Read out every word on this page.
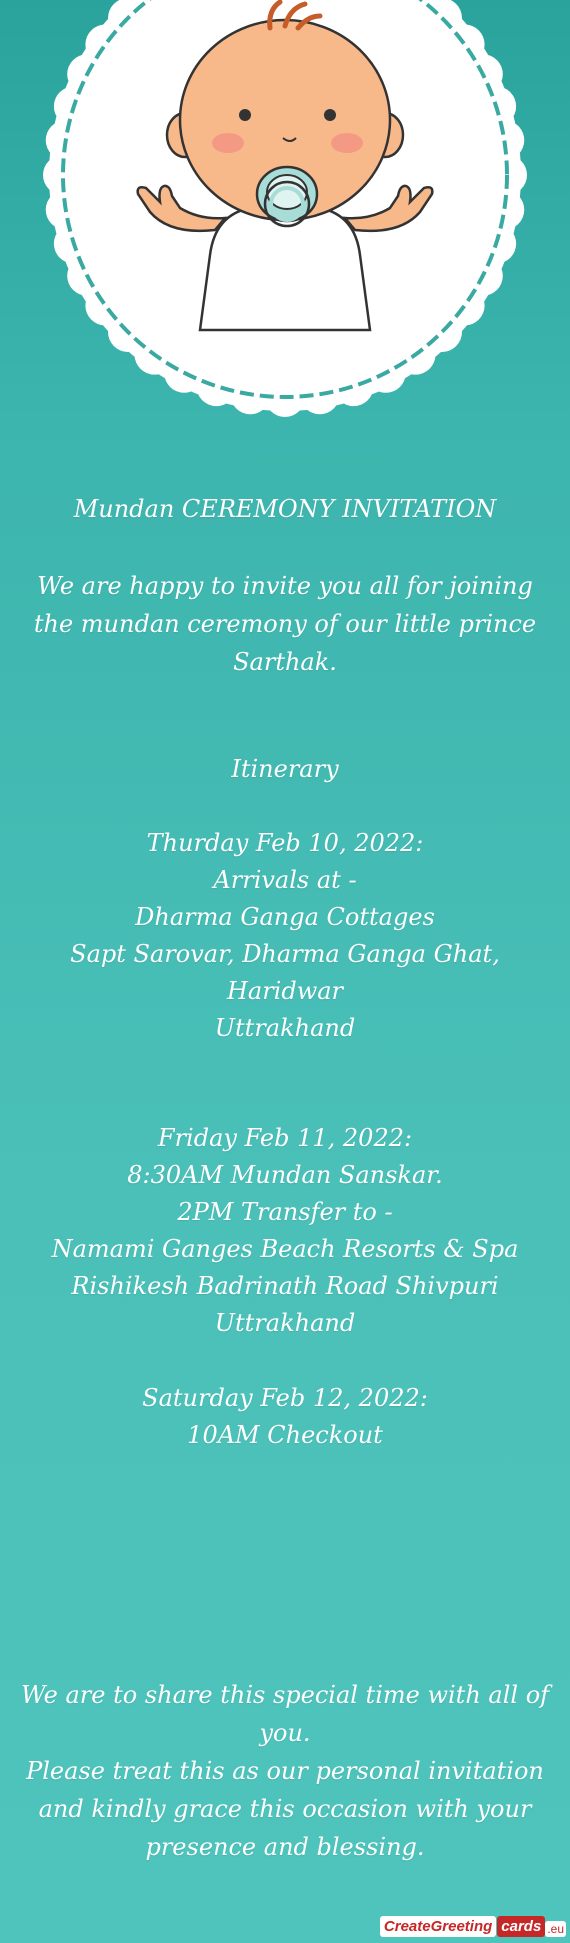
Mundan CEREMONY INVITATION
We are happy to invite you all for joining
the mundan ceremony of our little prince
Sarthak.
Itinerary
Thurday Feb 10, 2022:
Arrivals at -
Dharma Ganga Cottages
Sapt Sarovar, Dharma Ganga Ghat,
Haridwar
Uttrakhand
Friday Feb 11, 2022:
8:30AM Mundan Sanskar.
2PM Transfer to -
Namami Ganges Beach Resorts & Spa
Rishikesh Badrinath Road Shivpuri
Uttrakhand
Saturday Feb 12, 2022:
10AM Checkout
We are to share this special time with all of
you.
Please treat this as our personal invitation
and kindly grace this occasion with your
presence and blessing.
CreateGreeting cards .eu
